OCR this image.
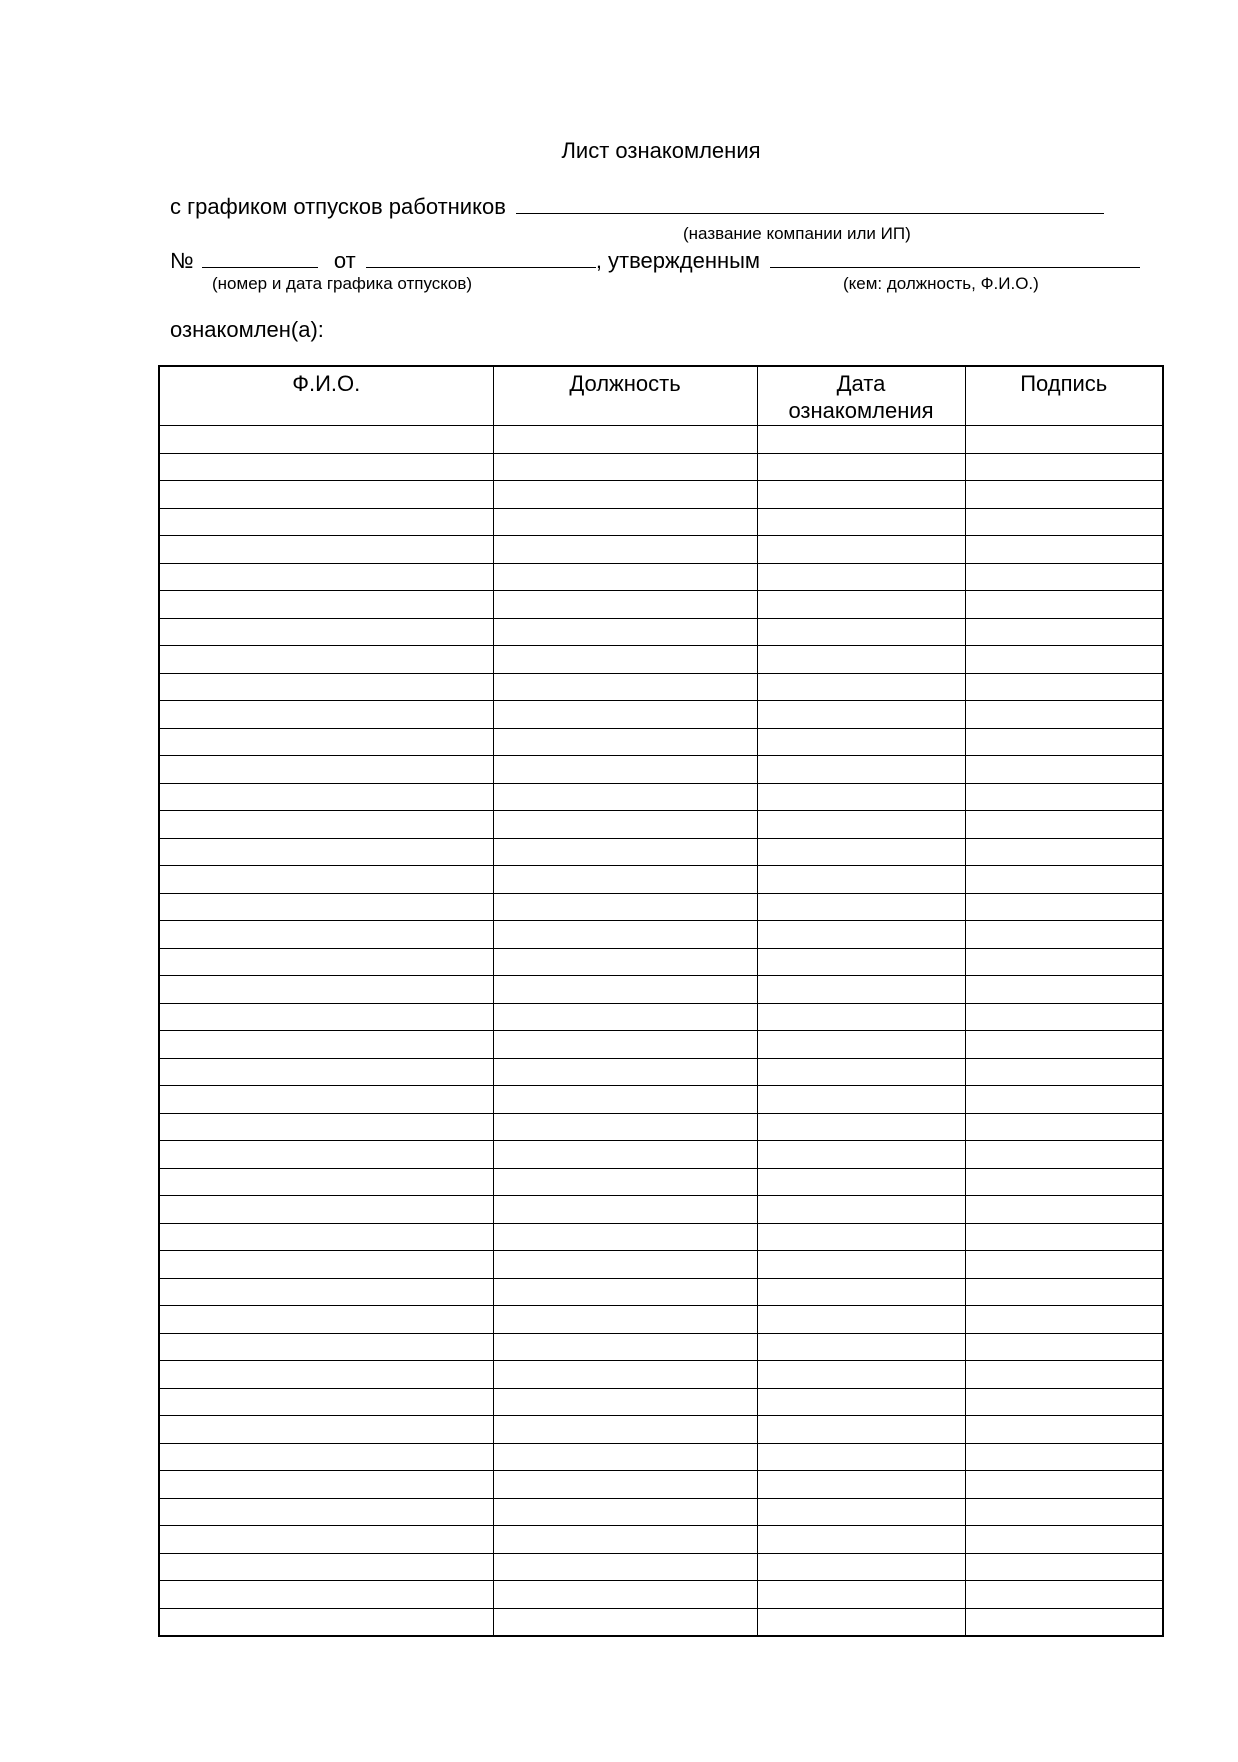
Лист ознакомления
с графиком отпусков работников
(название компании или ИП)
№	от	, утвержденным
(номер и дата графика отпусков)	(кем: должность, Ф.И.О.)
ознакомлен(а):
Ф.И.О.	Должность	Дата ознакомления	Подпись
